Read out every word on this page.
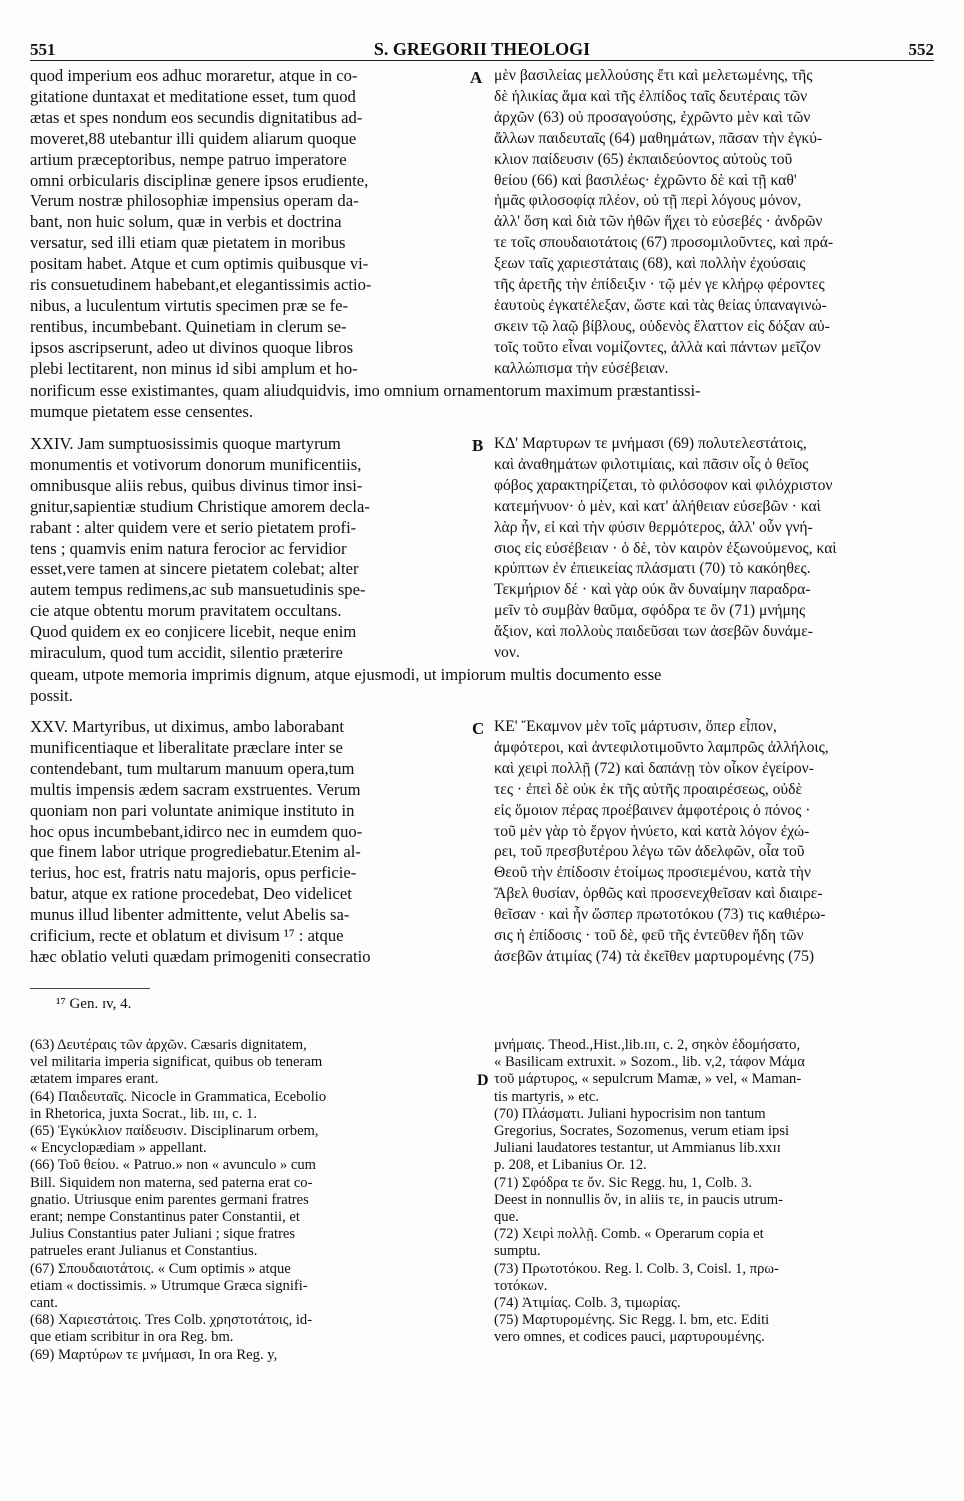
551	S. GREGORII THEOLOGI	552
quod imperium eos adhuc moraretur, atque in co-
gitatione duntaxat et meditatione esset, tum quod
ætas et spes nondum eos secundis dignitatibus ad-
moveret,88 utebantur illi quidem aliarum quoque
artium præceptoribus, nempe patruo imperatore
omni orbicularis disciplinæ genere ipsos erudiente,
Verum nostræ philosophiæ impensius operam da-
bant, non huic solum, quæ in verbis et doctrina
versatur, sed illi etiam quæ pietatem in moribus
positam habet. Atque et cum optimis quibusque vi-
ris consuetudinem habebant,et elegantissimis actio-
nibus, a luculentum virtutis specimen præ se fe-
rentibus, incumbebant. Quinetiam in clerum se-
ipsos ascripserunt, adeo ut divinos quoque libros
plebi lectitarent, non minus id sibi amplum et ho-
A μὲν βασιλείας μελλούσης ἔτι καὶ μελετωμένης, τῆς
δὲ ἡλικίας ἅμα καὶ τῆς ἐλπίδος ταῖς δευτέραις τῶν
ἀρχῶν (63) οὐ προσαγούσης, ἐχρῶντο μὲν καὶ τῶν
ἄλλων παιδευταῖς (64) μαθημάτων, πᾶσαν τὴν ἐγκύ-
κλιον παίδευσιν (65) ἐκπαιδεύοντος αὐτοὺς τοῦ
θείου (66) καὶ βασιλέως· ἐχρῶντο δὲ καὶ τῇ καθ'
ἡμᾶς φιλοσοφίᾳ πλέον, οὐ τῇ περὶ λόγους μόνον,
ἀλλ' ὅση καὶ διὰ τῶν ἠθῶν ἥχει τὸ εὐσεβές · ἀνδρῶν
τε τοῖς σπουδαιοτάτοις (67) προσομιλοῦντες, καὶ πρά-
ξεων ταῖς χαριεστάταις (68), καὶ πολλὴν ἐχούσαις
τῆς ἀρετῆς τὴν ἐπίδειξιν · τῷ μέν γε κλήρῳ φέροντες
ἑαυτοὺς ἐγκατέλεξαν, ὥστε καὶ τὰς θείας ὑπαναγινώ-
σκειν τῷ λαῷ βίβλους, οὐδενὸς ἔλαττον εἰς δόξαν αὐ-
τοῖς τοῦτο εἶναι νομίζοντες, ἀλλὰ καὶ πάντων μεῖζον
καλλώπισμα τὴν εὐσέβειαν.
norificum esse existimantes, quam aliudquidvis, imo omnium ornamentorum maximum præstantissi-
mumque pietatem esse censentes.
XXIV. Jam sumptuosissimis quoque martyrum
monumentis et votivorum donorum munificentiis,
omnibusque aliis rebus, quibus divinus timor insi-
gnitur,sapientiæ studium Christique amorem decla-
rabant : alter quidem vere et serio pietatem profi-
tens ; quamvis enim natura ferocior ac fervidior
esset,vere tamen at sincere pietatem colebat; alter
autem tempus redimens,ac sub mansuetudinis spe-
cie atque obtentu morum pravitatem occultans.
Quod quidem ex eo conjicere licebit, neque enim
miraculum, quod tum accidit, silentio præterire
B ΚΔ' Μαρτυρων τε μνήμασι (69) πολυτελεστάτοις,
καὶ ἀναθημάτων φιλοτιμίαις, καὶ πᾶσιν οἷς ὁ θεῖος
φόβος χαρακτηρίζεται, τὸ φιλόσοφον καὶ φιλόχριστον
κατεμήνυον· ὁ μὲν, καὶ κατ' ἀλήθειαν εὐσεβῶν · καὶ
λὰρ ἦν, εἰ καὶ τὴν φύσιν θερμότερος, ἀλλ' οὖν γνή-
σιος εἰς εὐσέβειαν · ὁ δὲ, τὸν καιρὸν ἐξωνούμενος, καὶ
κρύπτων ἐν ἐπιεικείας πλάσματι (70) τὸ κακόηθες.
Τεκμήριον δέ · καὶ γὰρ ούκ ἂν δυναίμην παραδρα-
μεῖν τὸ συμβὰν θαῦμα, σφόδρα τε ὂν (71) μνήμης
ἄξιον, καὶ πολλοὺς παιδεῦσαι των ἀσεβῶν δυνάμε-
νον.
queam, utpote memoria imprimis dignum, atque ejusmodi, ut impiorum multis documento esse
possit.
XXV. Martyribus, ut diximus, ambo laborabant
munificentiaque et liberalitate præclare inter se
contendebant, tum multarum manuum opera,tum
multis impensis ædem sacram exstruentes. Verum
quoniam non pari voluntate animique instituto in
hoc opus incumbebant,idirco nec in eumdem quo-
que finem labor utrique progrediebatur.Etenim al-
terius, hoc est, fratris natu majoris, opus perficie-
batur, atque ex ratione procedebat, Deo videlicet
munus illud libenter admittente, velut Abelis sa-
crificium, recte et oblatum et divisum ¹⁷ : atque
hæc oblatio veluti quædam primogeniti consecratio
C ΚΕ' Ἔκαμνον μὲν τοῖς μάρτυσιν, ὅπερ εἶπον,
ἀμφότεροι, καὶ ἀντεφιλοτιμοῦντο λαμπρῶς ἀλλήλοις,
καὶ χειρὶ πολλῇ (72) καὶ δαπάνῃ τὸν οἶκον ἐγείρον-
τες · ἐπεὶ δὲ οὐκ ἐκ τῆς αὐτῆς προαιρέσεως, οὐδὲ
εἰς ὅμοιον πέρας προέβαινεν ἀμφοτέροις ὁ πόνος ·
τοῦ μὲν γὰρ τὸ ἔργον ἠνύετο, καὶ κατὰ λόγον ἐχώ-
ρει, τοῦ πρεσβυτέρου λέγω τῶν ἀδελφῶν, οἷα τοῦ
Θεοῦ τὴν ἐπίδοσιν ἑτοίμως προσιεμένου, κατὰ τὴν
Ἄβελ θυσίαν, ὀρθῶς καὶ προσενεχθεῖσαν καὶ διαιρε-
θεῖσαν · καὶ ἦν ὥσπερ πρωτοτόκου (73) τις καθιέρω-
σις ἡ ἐπίδοσις · τοῦ δὲ, φεῦ τῆς ἐντεῦθεν ἤδη τῶν
ἀσεβῶν ἀτιμίας (74) τὰ ἐκεῖθεν μαρτυρομένης (75)
¹⁷ Gen. ɪv, 4.
(63) Δευτέραις τῶν ἀρχῶν. Cæsaris dignitatem,
vel militaria imperia significat, quibus ob teneram
ætatem impares erant.
(64) Παιδευταῖς. Nicocle in Grammatica, Ecebolio
in Rhetorica, juxta Socrat., lib. ɪɪɪ, c. 1.
(65) Ἐγκύκλιον παίδευσιν. Disciplinarum orbem,
« Encyclopædiam » appellant.
(66) Τοῦ θείου. « Patruo.» non « avunculo » cum
Bill. Siquidem non materna, sed paterna erat co-
gnatio. Utriusque enim parentes germani fratres
erant; nempe Constantinus pater Constantii, et
Julius Constantius pater Juliani ; sique fratres
patrueles erant Julianus et Constantius.
(67) Σπουδαιοτάτοις. « Cum optimis » atque
etiam « doctissimis. » Utrumque Græca signifi-
cant.
(68) Χαριεστάτοις. Tres Colb. χρηστοτάτοις, id-
que etiam scribitur in ora Reg. bm.
(69) Μαρτύρων τε μνήμασι, In ora Reg. y,
D
μνήμαις. Theod.,Hist.,lib.ɪɪɪ, c. 2, σηκὸν ἐδομήσατο,
« Basilicam extruxit. » Sozom., lib. v,2, τάφον Μάμα
τοῦ μάρτυρος, « sepulcrum Mamæ, » vel, « Maman-
tis martyris, » etc.
(70) Πλάσματι. Juliani hypocrisim non tantum
Gregorius, Socrates, Sozomenus, verum etiam ipsi
Juliani laudatores testantur, ut Ammianus lib.xxɪɪ
p. 208, et Libanius Or. 12.
(71) Σφόδρα τε ὄν. Sic Regg. hu, 1, Colb. 3.
Deest in nonnullis ὄν, in aliis τε, in paucis utrum-
que.
(72) Χειρὶ πολλῇ. Comb. « Operarum copia et
sumptu.
(73) Πρωτοτόκου. Reg. l. Colb. 3, Coisl. 1, πρω-
τοτόκων.
(74) Ἀτιμίας. Colb. 3, τιμωρίας.
(75) Μαρτυρομένης. Sic Regg. l. bm, etc. Editi
vero omnes, et codices pauci, μαρτυρουμένης.
